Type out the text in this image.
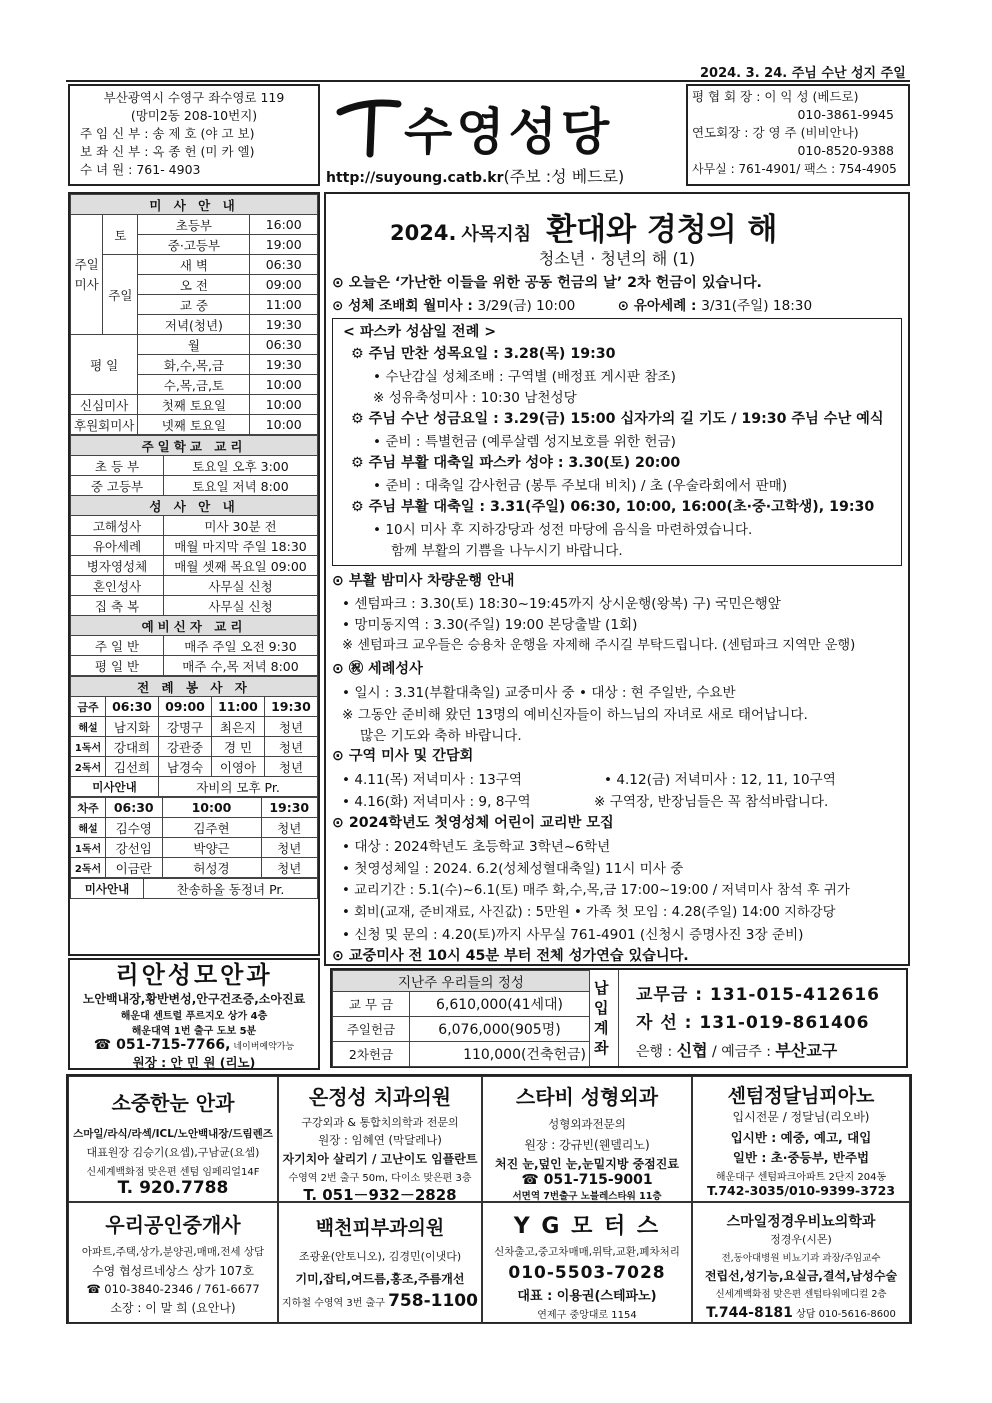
2024. 3. 24. 주님 수난 성지 주일
부산광역시 수영구 좌수영로 119
(망미2동 208-10번지)
주 임 신 부 : 송 제 호 (야 고 보)
보 좌 신 부 : 옥 종 헌 (미 카 엘)
수 녀 원 : 761- 4903
수영성당
http://suyoung.catb.kr(주보 :성 베드로)
평 협 회 장 : 이 익 성 (베드로)
010-3861-9945
연도회장 : 강 영 주 (비비안나)
010-8520-9388
사무실 : 761-4901/ 팩스 : 754-4905
미 사 안 내			
주일미사	토	초등부	16:00
		중·고등부	19:00
	주일	새 벽	06:30
		오 전	09:00
		교 중	11:00
		저녁(청년)	19:30
평 일		월	06:30
		화,수,목,금	19:30
		수,목,금,토	10:00
신심미사		첫째 토요일	10:00
후원회미사		넷째 토요일	10:00
주일학교 교리	
초 등 부	토요일 오후 3:00
중 고등부	토요일 저녁 8:00
성 사 안 내	
고해성사	미사 30분 전
유아세례	매월 마지막 주일 18:30
병자영성체	매월 셋째 목요일 09:00
혼인성사	사무실 신청
집 축 복	사무실 신청
예비신자 교리	
주 일 반	매주 주일 오전 9:30
평 일 반	매주 수,목 저녁 8:00
전 례 봉 사 자				
금주	06:30	09:00	11:00	19:30
해설	남지화	강명구	최은지	청년
1독서	강대희	강관중	경 민	청년
2독서	김선희	남경숙	이영아	청년
미사안내		자비의 모후 Pr.		
차주	06:30	10:00	19:30
해설	김수영	김주현	청년
1독서	강선임	박양근	청년
2독서	이금란	허성경	청년
미사안내	찬송하올 동정녀 Pr.
리안성모안과
노안백내장,황반변성,안구건조증,소아진료
해운대 센트럴 푸르지오 상가 4층
해운대역 1번 출구 도보 5분
☎ 051-715-7766, 네이버예약가능
원장 : 안 민 원 (리노)
2024. 사목지침 환대와 경청의 해
청소년 · 청년의 해 (1)
⊙ 오늘은 ‘가난한 이들을 위한 공동 헌금의 날’ 2차 헌금이 있습니다.
⊙ 성체 조배회 월미사 : 3/29(금) 10:00	⊙ 유아세례 : 3/31(주일) 18:30
< 파스카 성삼일 전례 >
⚙ 주님 만찬 성목요일 : 3.28(목) 19:30
• 수난감실 성체조배 : 구역별 (배정표 게시판 참조)
※ 성유축성미사 : 10:30 남천성당
⚙ 주님 수난 성금요일 : 3.29(금) 15:00 십자가의 길 기도 / 19:30 주님 수난 예식
• 준비 : 특별헌금 (예루살렘 성지보호를 위한 헌금)
⚙ 주님 부활 대축일 파스카 성야 : 3.30(토) 20:00
• 준비 : 대축일 감사헌금 (봉투 주보대 비치) / 초 (우술라회에서 판매)
⚙ 주님 부활 대축일 : 3.31(주일) 06:30, 10:00, 16:00(초·중·고학생), 19:30
• 10시 미사 후 지하강당과 성전 마당에 음식을 마련하였습니다.
함께 부활의 기쁨을 나누시기 바랍니다.
⊙ 부활 밤미사 차량운행 안내
• 센텀파크 : 3.30(토) 18:30~19:45까지 상시운행(왕복) 구) 국민은행앞
• 망미동지역 : 3.30(주일) 19:00 본당출발 (1회)
※ 센텀파크 교우들은 승용차 운행을 자제해 주시길 부탁드립니다. (센텀파크 지역만 운행)
⊙ ㊗ 세례성사
• 일시 : 3.31(부활대축일) 교중미사 중 • 대상 : 현 주일반, 수요반
※ 그동안 준비해 왔던 13명의 예비신자들이 하느님의 자녀로 새로 태어납니다.
많은 기도와 축하 바랍니다.
⊙ 구역 미사 및 간담회
• 4.11(목) 저녁미사 : 13구역	• 4.12(금) 저녁미사 : 12, 11, 10구역
• 4.16(화) 저녁미사 : 9, 8구역	※ 구역장, 반장님들은 꼭 참석바랍니다.
⊙ 2024학년도 첫영성체 어린이 교리반 모집
• 대상 : 2024학년도 초등학교 3학년~6학년
• 첫영성체일 : 2024. 6.2(성체성혈대축일) 11시 미사 중
• 교리기간 : 5.1(수)~6.1(토) 매주 화,수,목,금 17:00~19:00 / 저녁미사 참석 후 귀가
• 회비(교재, 준비재료, 사진값) : 5만원 • 가족 첫 모임 : 4.28(주일) 14:00 지하강당
• 신청 및 문의 : 4.20(토)까지 사무실 761-4901 (신청시 증명사진 3장 준비)
⊙ 교중미사 전 10시 45분 부터 전체 성가연습 있습니다.
지난주 우리들의 정성	
교 무 금	6,610,000(41세대)
주일헌금	6,076,000(905명)
2차헌금	110,000(건축헌금)
납입계좌
교무금 : 131-015-412616
자 선 : 131-019-861406
은행 : 신협 / 예금주 : 부산교구
소중한눈 안과
스마일/라식/라섹/ICL/노안백내장/드림렌즈
대표원장 김승기(요셉),구남균(요셉)
신세계백화점 맞은편 센텀 임페리얼14F
T. 920.7788
온정성 치과의원
구강외과 & 통합치의학과 전문의
원장 : 임혜연 (막달레나)
자기치아 살리기 / 고난이도 임플란트
수영역 2번 출구 50m, 다이소 맞은편 3층
T. 051－932－2828
스타비 성형외과
성형외과전문의
원장 : 강규빈(웬델리노)
처진 눈,덮인 눈,눈밑지방 중점진료
☎ 051-715-9001
서면역 7번출구 노블레스타워 11층
센텀정달님피아노
입시전문 / 정달님(리오바)
입시반 : 예중, 예고, 대입
일반 : 초·중등부, 반주법
해운대구 센텀파크아파트 2단지 204동
T.742-3035/010-9399-3723
우리공인중개사
아파트,주택,상가,분양권,매매,전세 상담
수영 협성르네상스 상가 107호
☎ 010-3840-2346 / 761-6677
소장 : 이 말 희 (요안나)
백천피부과의원
조광윤(안토니오), 김경민(이냇다)
기미,잡티,여드름,홍조,주름개선
지하철 수영역 3번 출구 758-1100
Y G 모 터 스
신차출고,중고차매매,위탁,교환,폐차처리
010-5503-7028
대표 : 이용권(스테파노)
연제구 중앙대로 1154
스마일정경우비뇨의학과
정경우(시몬)
전,동아대병원 비뇨기과 과장/주임교수
전립선,성기능,요실금,결석,남성수술
신세계백화점 맞은편 센텀타워메디컬 2층
T.744-8181 상담 010-5616-8600
